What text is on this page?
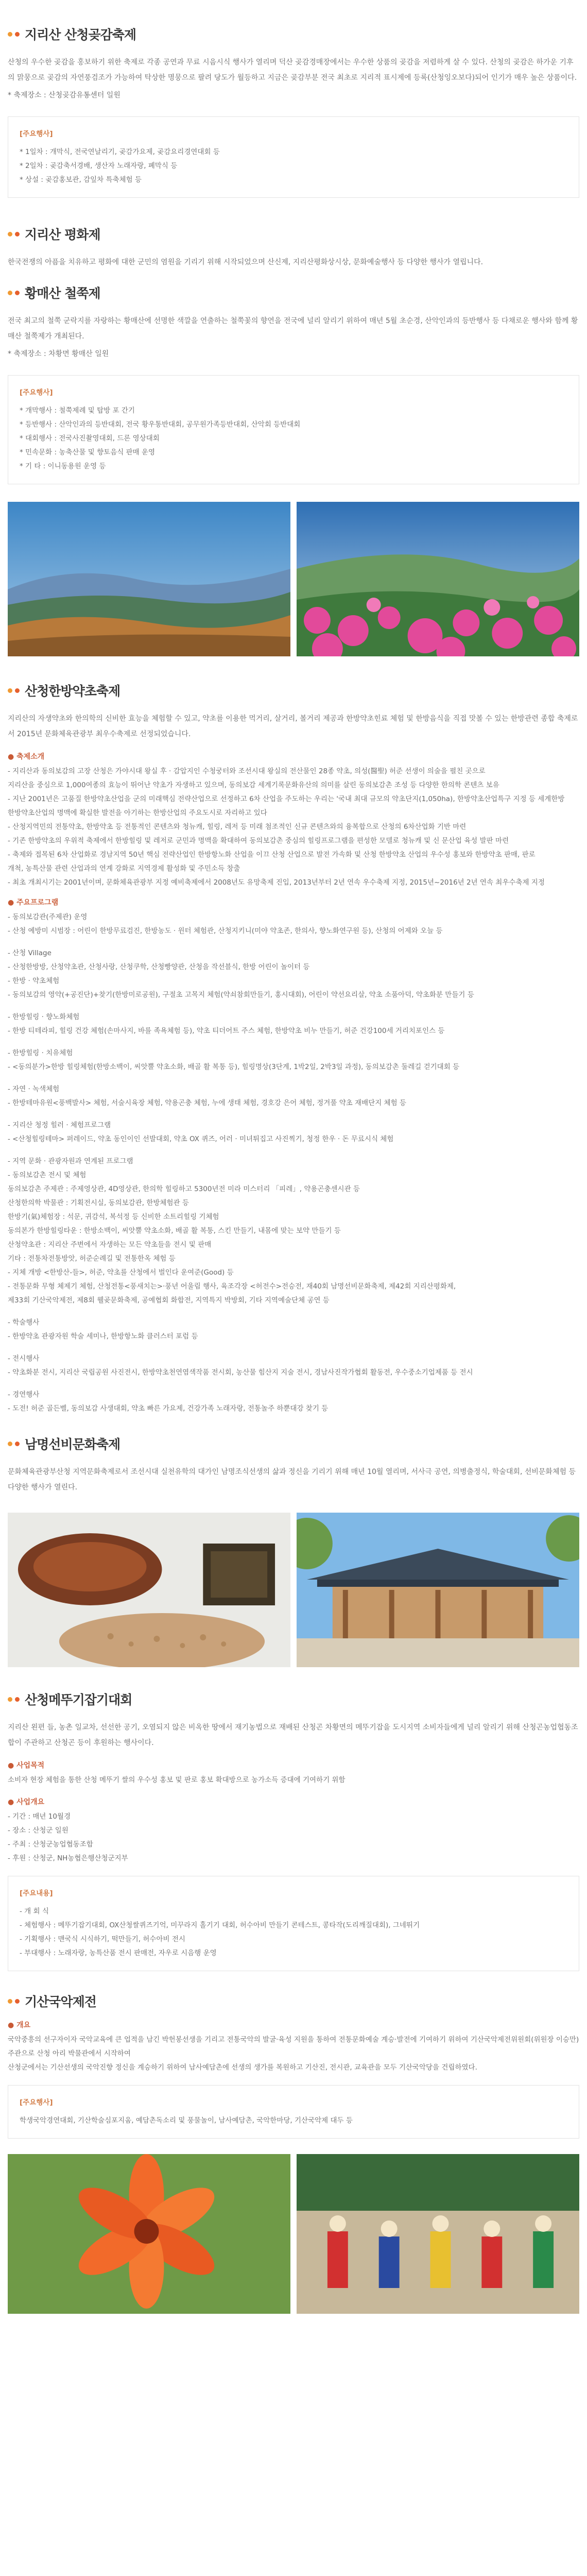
지리산 산청곶감축제

산청의 우수한 곶감을 홍보하기 위한 축제로 각종 공연과 무료 시음시식 행사가 열리며 덕산 곶감경매장에서는 우수한 상품의 곶감을 저렴하게 살 수 있다. 산청의 곶감은 하가운 기후의 맑뭉으로 곶감의 자연풍검조가 가능하여 탁상한 명뭉으로 팔려 당도가 월등하고 지금은 곶감부분 전국 최초로 지리적 표시제에 등록(산청잉오보다)되어 인기가 매우 높은 상품이다.

* 축제장소 : 산청곶감유통센터 일원

[주요행사]
* 1일차 : 개막식, 전국연날리기, 곶감가요제, 곶감요리경연대회 등
* 2일차 : 곶감축서경배, 생산자 노래자랑, 폐막식 등
* 상설 : 곶감홍보관, 감잎차 특축체험 등
지리산 평화제

한국전쟁의 아픔을 치유하고 평화에 대한 군민의 염원을 기리기 위해 시작되었으며 산신제, 지리산평화상시상, 문화예술행사 등 다양한 행사가 열립니다.

황매산 철쭉제

전국 최고의 철쭉 군락지를 자랑하는 황매산에 선명한 색깔을 연출하는 철쭉꽃의 향연을 전국에 널리 알리기 위하여 매년 5월 초순경, 산악인과의 등반행사 등 다채로운 행사와 함께 황매산 철쭉제가 개최된다.

* 축제장소 : 차황면 황매산 일원

[주요행사]
* 개막행사 : 철쭉제례 및 탑방 포 간기
* 등반행사 : 산악인과의 등반대회, 전국 황우통반대회, 공무원가족등반대회, 산악회 등반대회
* 대회행사 : 전국사진촬영대회, 드론 영상대회
* 민속문화 : 농축산물 및 향토음식 판매 운영
* 기 타 : 이니동용원 운영 등
산청한방약초축제

지리산의 자생약초와 한의학의 신비한 효능을 체험할 수 있고, 약초를 이용한 먹거리, 살거리, 볼거리 제공과 한방약초힌료 체험 및 한방음식을 직접 맛볼 수 있는 한방관련 종합 축제로서 2015년 문화체육관광부 최우수축제로 선정되었습니다.

● 축제소개

- 지리산과 동의보감의 고장 산청은 가야시대 왕실 후 · 감압지인 수청궁터와 조선시대 왕실의 전산물인 28종 약초, 의성(醫聖) 허준 선생이 의술을 펼친 곳으로

지리산을 중심으로 1,000여종의 효능이 뛰어난 약초가 자생하고 있으며, 동의보감 세계기록문화유산의 의미를 살린 동의보감촌 조성 등 다양한 한의학 콘텐츠 보유

- 지난 2001년은 고품질 한방약초산업을 군의 미래핵심 전략산업으로 선정하고 6차 산업을 주도하는 우리는 '국내 최대 규모의 약초단지(1,050ha), 한방약초산업특구 지정 등 세계한방

한방약초산업의 명맥에 확실한 발전을 아기하는 한방산업의 주요도시로 자리하고 있다

- 산청지역민의 전통약초, 한방약초 등 전통적인 콘텐츠와 청뉴캐, 힐링, 레저 등 미래 첨조적인 신규 콘텐츠와의 융복합으로 산청의 6차산업화 기반 마련

- 기존 한방약초의 우위적 축제에서 한방힐링 및 레저로 군민과 명맥을 확대하여 동의보감촌 중심의 힐링프로그램을 편성한 모델로 청뉴캐 및 신 문산업 육성 발판 마련

- 축제와 접목된 6차 산업화로 경남지역 50년 핵심 전략산업인 한방항노화 산업을 이끄 산청 산업으로 발전 가속화 및 산청 한방약초 산업의 우수성 홍보와 한방약초 판매, 판로

개척, 농특산물 관련 산업과의 연계 강화로 지역경제 활성화 및 주민소득 창출

- 최초 개최시기는 2001년이며, 문화체육관광부 지정 예비축제에서 2008년도 유망축제 진입, 2013년부터 2년 연속 우수축제 지정, 2015년~2016년 2년 연속 최우수축제 지정

● 주요프로그램

- 동의보감관(주제관) 운영

- 산청 예방미 시범장 : 어린이 한방무료검진, 한방농도 · 윈터 체험관, 산청지키니(미야 약초존, 한의사, 향노화연구원 등), 산청의 어제와 오늘 등

- 산청 Village

- 산청한방방, 산청약초관, 산청사랑, 산청쿠학, 산청빵양관, 산청을 작선블식, 한방 어린이 놀이터 등

- 한방 · 약초체험

- 동의보감의 영약(+공진단)+찾기(한방미로공원), 구절초 고목지 체험(약쇠참회만들기, 홍시대회), 어린이 약선요리살, 약초 소품아덕, 약초화분 만들기 등

- 한방힐링 · 향노화체험

- 한방 티테라피, 힐링 건강 체험(손마사지, 바를 족욕체험 등), 약초 티더어트 주스 체험, 한방약초 비누 만들기, 허준 건강100세 거리치포인스 등

- 한방힐링 · 치유체험

- <동의분가>한방 힐링체험(한방소백이, 씨앗뿔 약초소화, 배골 활 복통 등), 힐링명상(3단계, 1박2일, 2박3일 과정), 동의보감촌 둘레길 걷기대회 등

- 자연 · 녹색체험

- 한방테마유원<풍백발사> 체험, 서술시육장 체험, 약용곤충 체험, 누에 생태 체험, 경호강 은어 체험, 정겨풀 약초 재배단지 체험 등

- 지리산 청정 힐러 · 체험프로그램

- <산청힐링테마> 퍼레이드, 약초 동인이인 선발대회, 약초 OX 퀴즈, 어러 · 미녀튀집고 사진찍기, 청정 한우 · 돈 무료시식 체험

- 지역 문화 · 관광자원과 연계된 프로그램

- 동의보감촌 전시 및 체험

동의보감촌 주제관 : 주제영상관, 4D영상관, 한의학 힐링하고 5300년전 미라 미스터리 「피레」, 약용곤충센시관 등

산청한의학 박물관 : 기획전시실, 동의보감관, 한방체험관 등

한방기(氣)체험장 : 석문, 귀감석, 복석정 등 신비한 소트리힐링 기체험

동의본가 한방힐링타운 : 한방소백이, 씨앗뿔 약초소화, 배골 활 복통, 스킨 만들기, 내몸에 맞는 보약 만들기 등

산청약초관 : 지리산 주변에서 자생하는 모든 약초들을 전시 및 판매

기타 : 전통차전통방앗, 허준순례길 및 전통한옥 체험 등

- 지체 개방 <한방산-들>, 허준, 약초를 산청에서 벌인다 운여준(Good) 등

- 전통문화 무형 체제기 체험, 산청전통<풍새치는>·풍년 어울림 행사, 육조각장 <허전수>전승전, 재40회 남명선비문화축제, 제42회 지리산평화제,

제33회 기산국악제전, 제8회 웰곶문화축제, 공예협회 화합전, 지역특지 박방회, 기타 지역예술단체 공연 등

- 학술행사

- 한방약초 관광자원 학술 세미나, 한방항노화 클러스터 포럼 등

- 전시행사

- 약초화분 전시, 지리산 국립공원 사진전시, 한방약초천연염색작품 전시회, 농산물 힘산지 지술 전시, 경남사진작가협회 활동전, 우수중소기업제품 등 전시

- 경연행사

- 도전! 허준 골든벨, 동의보감 사생대회, 약초 빠른 가요제, 건강가족 노래자랑, 전통놀주 하뿐대강 찾기 등

남명선비문화축제

문화체육관광부산청 지역문화축제로서 조선시대 실천유학의 대가인 남명조식선생의 삶과 정신을 기리기 위해 매년 10월 열리며, 서사극 공연, 의병출정식, 학술대회, 선비문화체험 등 다양한 행사가 열린다.

산청메뚜기잡기대회

지리산 왼편 들, 농촌 일교차, 선선한 공기, 오염되지 않은 비옥한 땅에서 재기농법으로 재배된 산청곤 차황면의 메뚜기잡을 도시지역 소비자들에게 널리 알리기 위해 산청곤농업협동조합이 주관하고 산청곤 등이 후원하는 행사이다.

● 사업목적

소비자 현장 체험을 통한 산청 메뚜기 쌀의 우수성 홍보 및 판로 홍보 확대방으로 농가소득 증대에 기여하기 위함

● 사업개요

- 기간 : 매년 10월경

- 장소 : 산청군 일원

- 주최 : 산청군농업협동조합

- 후원 : 산청군, NH농협은행산청군지부

[주요내용]
- 개 회 식
- 체험행사 : 메뚜기잡기대회, OX산청쌀퀴즈기억, 미꾸라지 홀기기 대회, 허수아비 만들기 콘테스트, 콩타작(도리깨질대회), 그네뛰기
- 기획행사 : 맨국식 시식하기, 떡만들기, 허수아비 전시
- 부대행사 : 노래자랑, 농특산품 전시 판매전, 자우로 시음행 운영
기산국악제전
● 개요

국악중흥의 선구자이자 국악교육에 큰 업적을 남긴 박헌봉선생을 기리고 전통국악의 발굴·육성 지원을 통하여 전통문화예술 계승·발전에 기여하기 위하여 기산국악제전위원회(위원장 이승만) 주관으로 산청 아리 박물관에서 시작하여

산청군에서는 기산선생의 국악진향 정신을 계승하기 위하여 남사예담촌에 선생의 생가를 복원하고 기산진, 전시관, 교육관을 모두 기산국악당을 건립하였다.

[주요행사]
학생국악경연대회, 기산학술심포지움, 예담촌독소리 및 풍물놀이, 남사예담촌, 국악한마당, 기산국악제 대두 등
